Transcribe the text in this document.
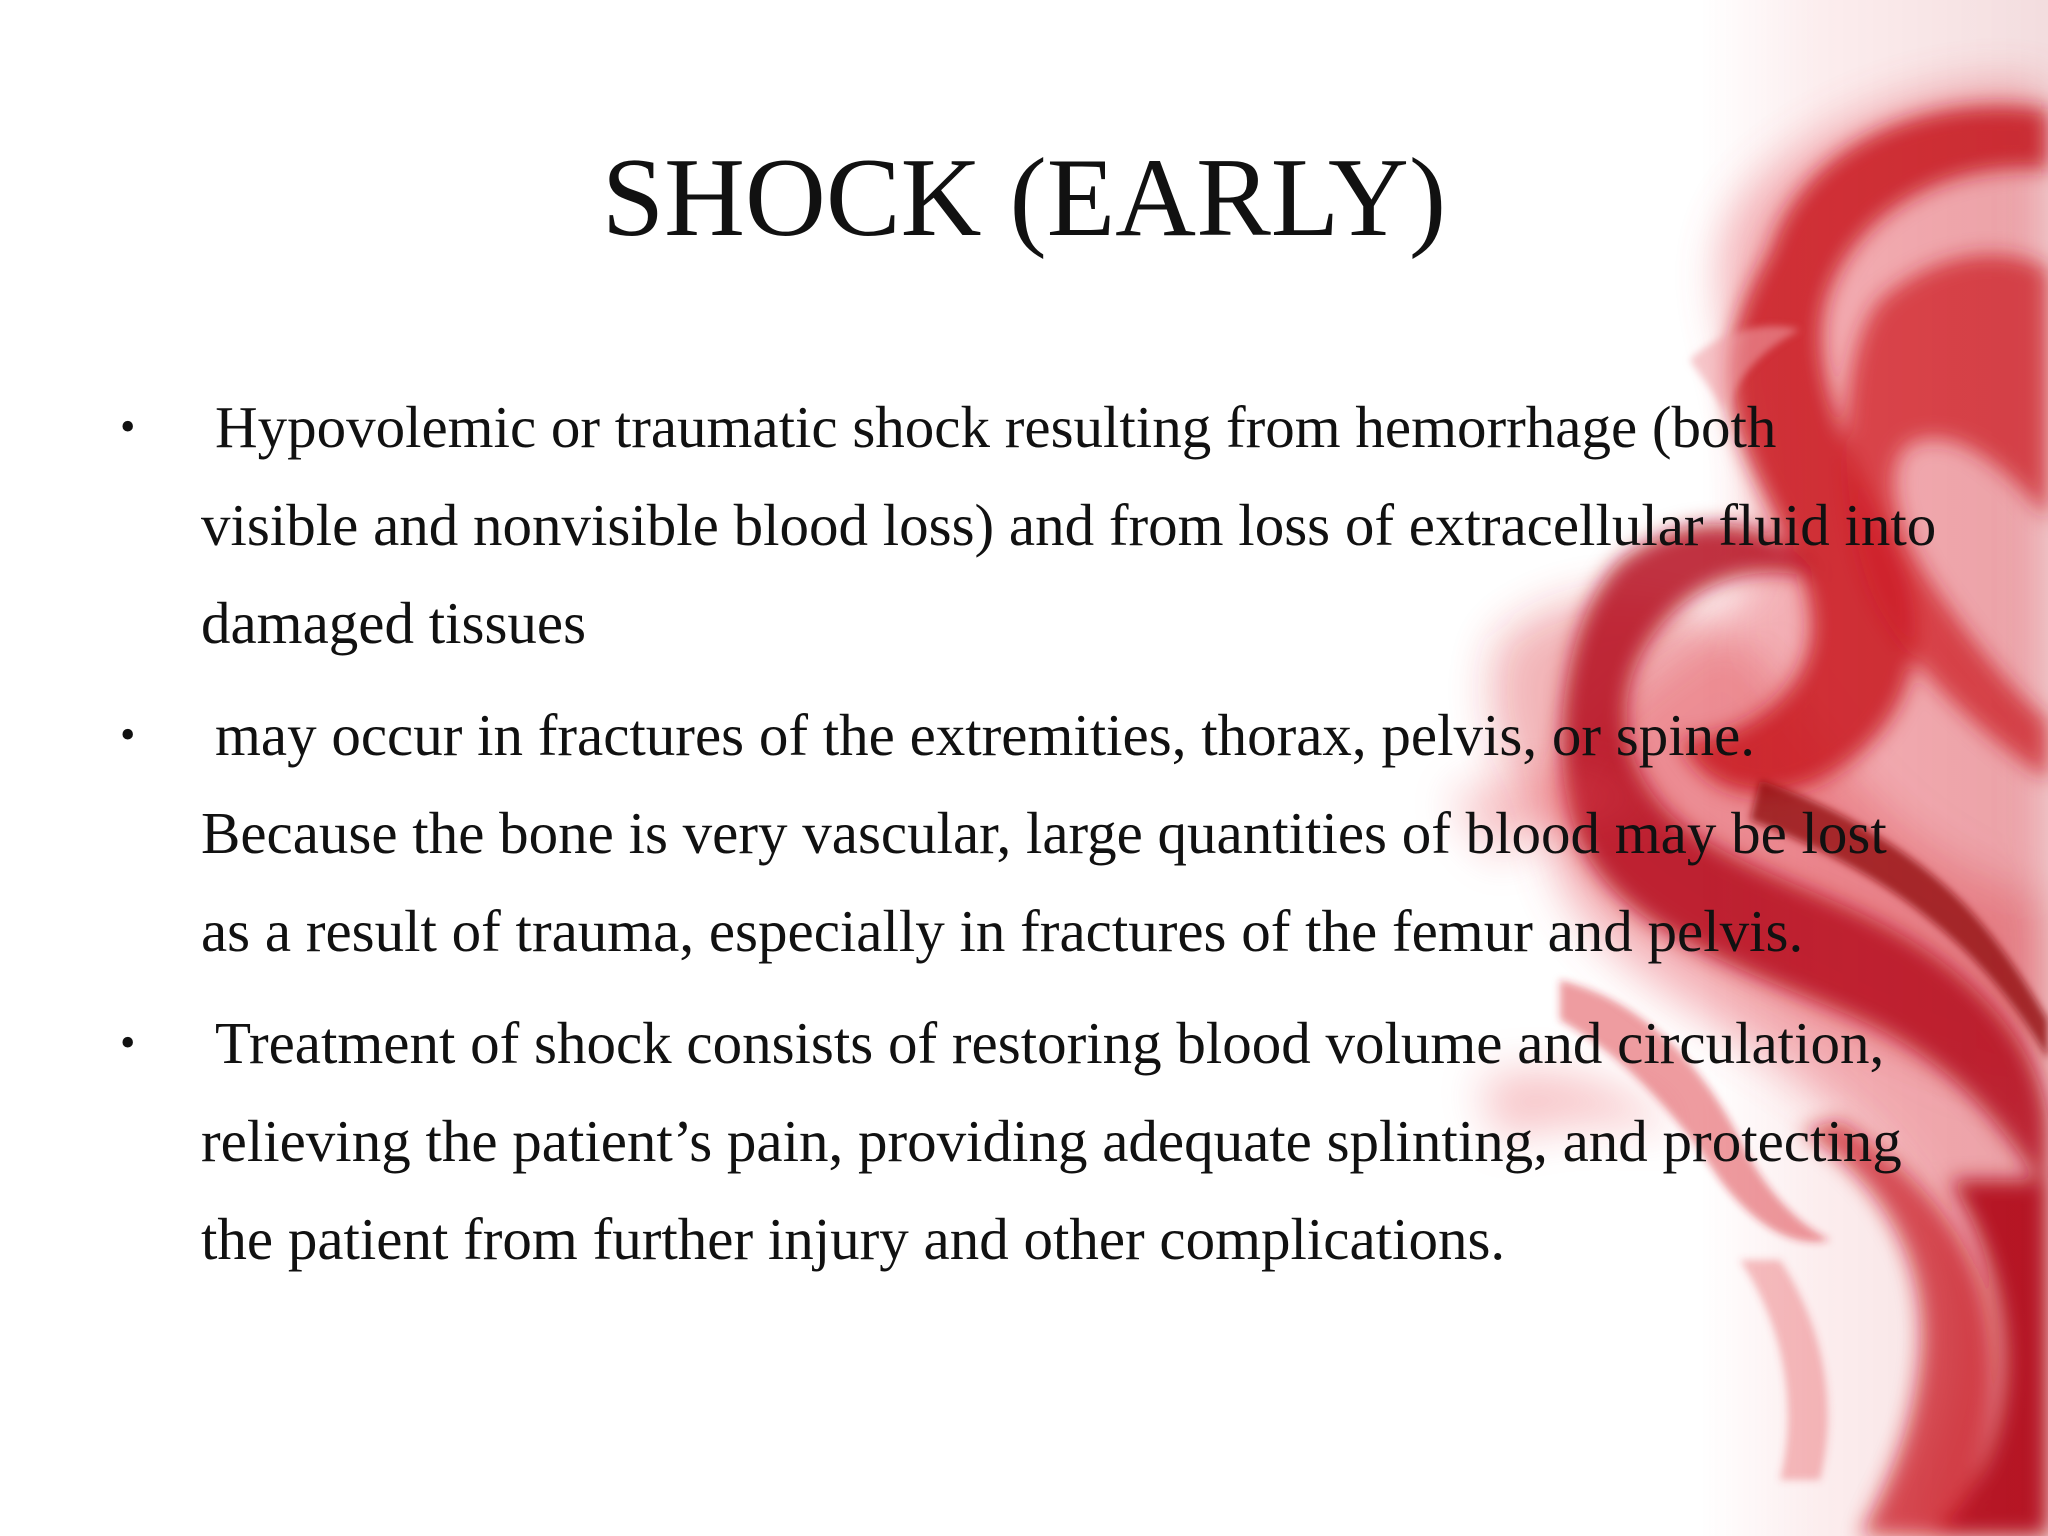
SHOCK (EARLY)
•	Hypovolemic or traumatic shock resulting from hemorrhage (both visible and nonvisible blood loss) and from loss of extracellular fluid into damaged tissues
•	may occur in fractures of the extremities, thorax, pelvis, or spine. Because the bone is very vascular, large quantities of blood may be lost as a result of trauma, especially in fractures of the femur and pelvis.
•	Treatment of shock consists of restoring blood volume and circulation, relieving the patient’s pain, providing adequate splinting, and protecting the patient from further injury and other complications.
